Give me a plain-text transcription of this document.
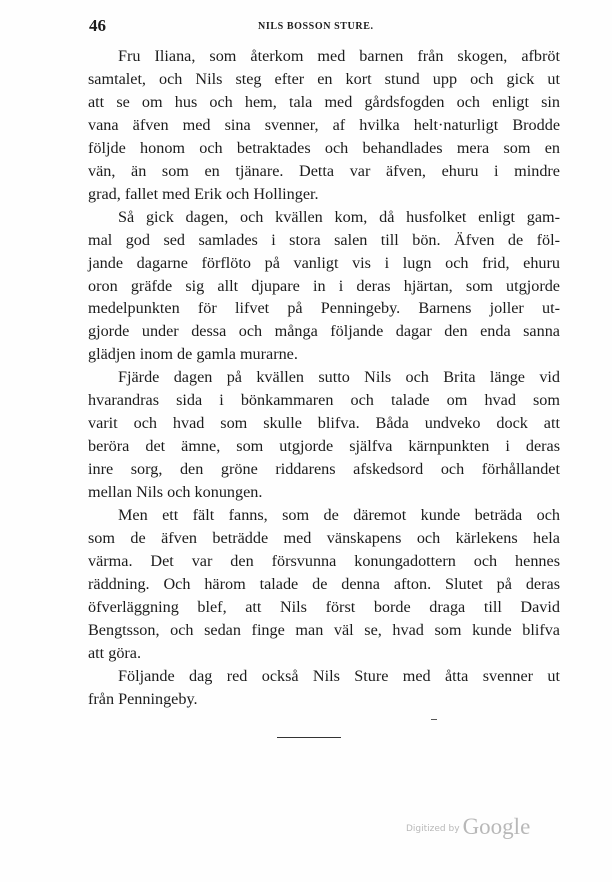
46	NILS BOSSON STURE.
Fru Iliana, som återkom med barnen från skogen, afbröt
samtalet, och Nils steg efter en kort stund upp och gick ut
att se om hus och hem, tala med gårdsfogden och enligt sin
vana äfven med sina svenner, af hvilka helt·naturligt Brodde
följde honom och betraktades och behandlades mera som en
vän, än som en tjänare. Detta var äfven, ehuru i mindre
grad, fallet med Erik och Hollinger.
Så gick dagen, och kvällen kom, då husfolket enligt gam-
mal god sed samlades i stora salen till bön. Äfven de föl-
jande dagarne förflöto på vanligt vis i lugn och frid, ehuru
oron gräfde sig allt djupare in i deras hjärtan, som utgjorde
medelpunkten för lifvet på Penningeby. Barnens joller ut-
gjorde under dessa och många följande dagar den enda sanna
glädjen inom de gamla murarne.
Fjärde dagen på kvällen sutto Nils och Brita länge vid
hvarandras sida i bönkammaren och talade om hvad som
varit och hvad som skulle blifva. Båda undveko dock att
beröra det ämne, som utgjorde själfva kärnpunkten i deras
inre sorg, den gröne riddarens afskedsord och förhållandet
mellan Nils och konungen.
Men ett fält fanns, som de däremot kunde beträda och
som de äfven beträdde med vänskapens och kärlekens hela
värma. Det var den försvunna konungadottern och hennes
räddning. Och härom talade de denna afton. Slutet på deras
öfverläggning blef, att Nils först borde draga till David
Bengtsson, och sedan finge man väl se, hvad som kunde blifva
att göra.
Följande dag red också Nils Sture med åtta svenner ut
från Penningeby.
Digitized by Google
